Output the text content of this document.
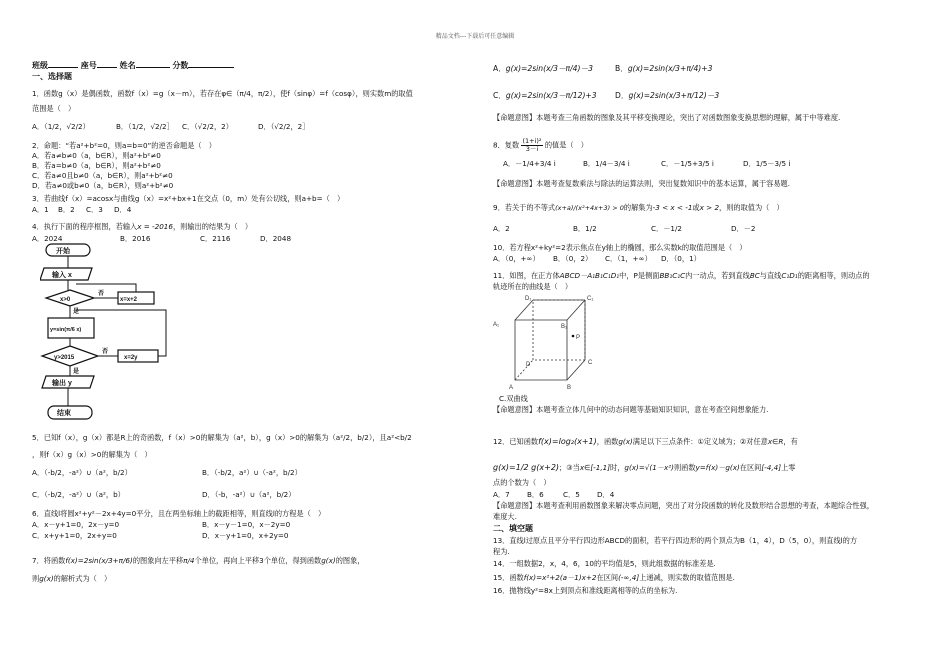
精品文档---下载后可任意编辑
班级	座号	姓名	分数
一、选择题
1．函数g（x）是偶函数，函数f（x）=g（x－m），若存在φ∈（π/4，π/2），使f（sinφ）=f（cosφ），则实数m的取值
范围是（　）
A．（1/2，√2/2）	B．（1/2，√2/2］ C．（√2/2，2）	D．（√2/2，2］
2．命题：“若a²+b²=0，则a=b=0”的逆否命题是（　）
A．若a≠b≠0（a，b∈R），则a²+b²≠0
B．若a=b≠0（a，b∈R），则a²+b²≠0
C．若a≠0且b≠0（a，b∈R），则a²+b²≠0
D．若a≠0或b≠0（a，b∈R），则a²+b²≠0
3．若曲线f（x）=acosx与曲线g（x）=x²+bx+1在交点（0，m）处有公切线，则a+b=（　）
A．1 B．2 C．3 D．4
4．执行下面的程序框图，若输入x = -2016，则输出的结果为（　）
A．2024	B．2016	C．2116	D．2048
开始
输入 x
x>0
否
是
x=x+2
y=sin(π/6 x)
y>2015
否
是
x=2y
输出 y
结束
5．已知f（x），g（x）都是R上的奇函数，f（x）>0的解集为（a²，b），g（x）>0的解集为（a²/2，b/2），且a²<b/2
，则f（x）g（x）>0的解集为（　）
A．（-b/2，-a²）∪（a²，b/2）	B．（-b/2，a²）∪（-a²，b/2）
C．（-b/2，-a²）∪（a²，b）	D．（-b，-a²）∪（a²，b/2）
6．直线l将圆x²+y²－2x+4y=0平分，且在两坐标轴上的截距相等，则直线l的方程是（　）
A．x－y+1=0，2x－y=0	B．x－y－1=0，x－2y=0
C．x+y+1=0，2x+y=0	D．x－y+1=0，x+2y=0
7．将函数f(x)=2sin(x/3+π/6)的图象向左平移π/4个单位，再向上平移3个单位，得到函数g(x)的图象，
则g(x)的解析式为（　）
A．g(x)=2sin(x/3－π/4)－3	B．g(x)=2sin(x/3+π/4)+3
C．g(x)=2sin(x/3－π/12)+3 D．g(x)=2sin(x/3+π/12)－3
【命题意图】本题考查三角函数的图象及其平移变换理论，突出了对函数图象变换思想的理解，属于中等难度.
8．复数 $\frac{\text{(1+i)²}}{3-i}$ 的值是（　）
A．－1/4+3/4 i	B．1/4－3/4 i	C．－1/5+3/5 i	D．1/5－3/5 i
【命题意图】本题考查复数乘法与除法的运算法则，突出复数知识中的基本运算，属于容易题.
9．若关于的不等式(x+a)/(x²+4x+3) > 0的解集为-3 < x < -1或x > 2，则的取值为（　）
A．2	B．1/2	C．－1/2	D．－2
10．若方程x²+ky²=2表示焦点在y轴上的椭圆，那么实数k的取值范围是（　）
A．（0，+∞） B．（0，2） C．（1，+∞） D．（0，1）
11．如图，在正方体ABCD－A₁B₁C₁D₁中，P是侧面BB₁C₁C内一动点，若到直线BC与直线C₁D₁的距离相等，则动点的
轨迹所在的曲线是（　）
A₁	B₁
C₁
D₁
A	B
C
D
P
C.双曲线
【命题意图】本题考查立体几何中的动态问题等基础知识知识，意在考查空间想象能力.
12．已知函数f(x)=log₂(x+1)，函数g(x)满足以下三点条件：①定义域为；②对任意x∈R，有
g(x)=1/2 g(x+2)；③当x∈[-1,1]时，g(x)=√(1－x²)则函数y=f(x)－g(x)在区间[-4,4]上零
点的个数为（　）
A．7 B．6	C．5 D．4
【命题意图】本题考查利用函数图象来解决零点问题，突出了对分段函数的转化及数形结合思想的考查，本题综合性强，
难度大.
二、填空题
13．直线l过原点且平分平行四边形ABCD的面积，若平行四边形的两个顶点为B（1，4），D（5，0），则直线l的方
程为.
14．一组数据2，x，4，6，10的平均值是5，则此组数据的标准差是.
15．函数f(x)=x²+2(a－1)x+2在区间(-∞,4]上递减，则实数的取值范围是.
16．抛物线y²=8x上到顶点和准线距离相等的点的坐标为.
